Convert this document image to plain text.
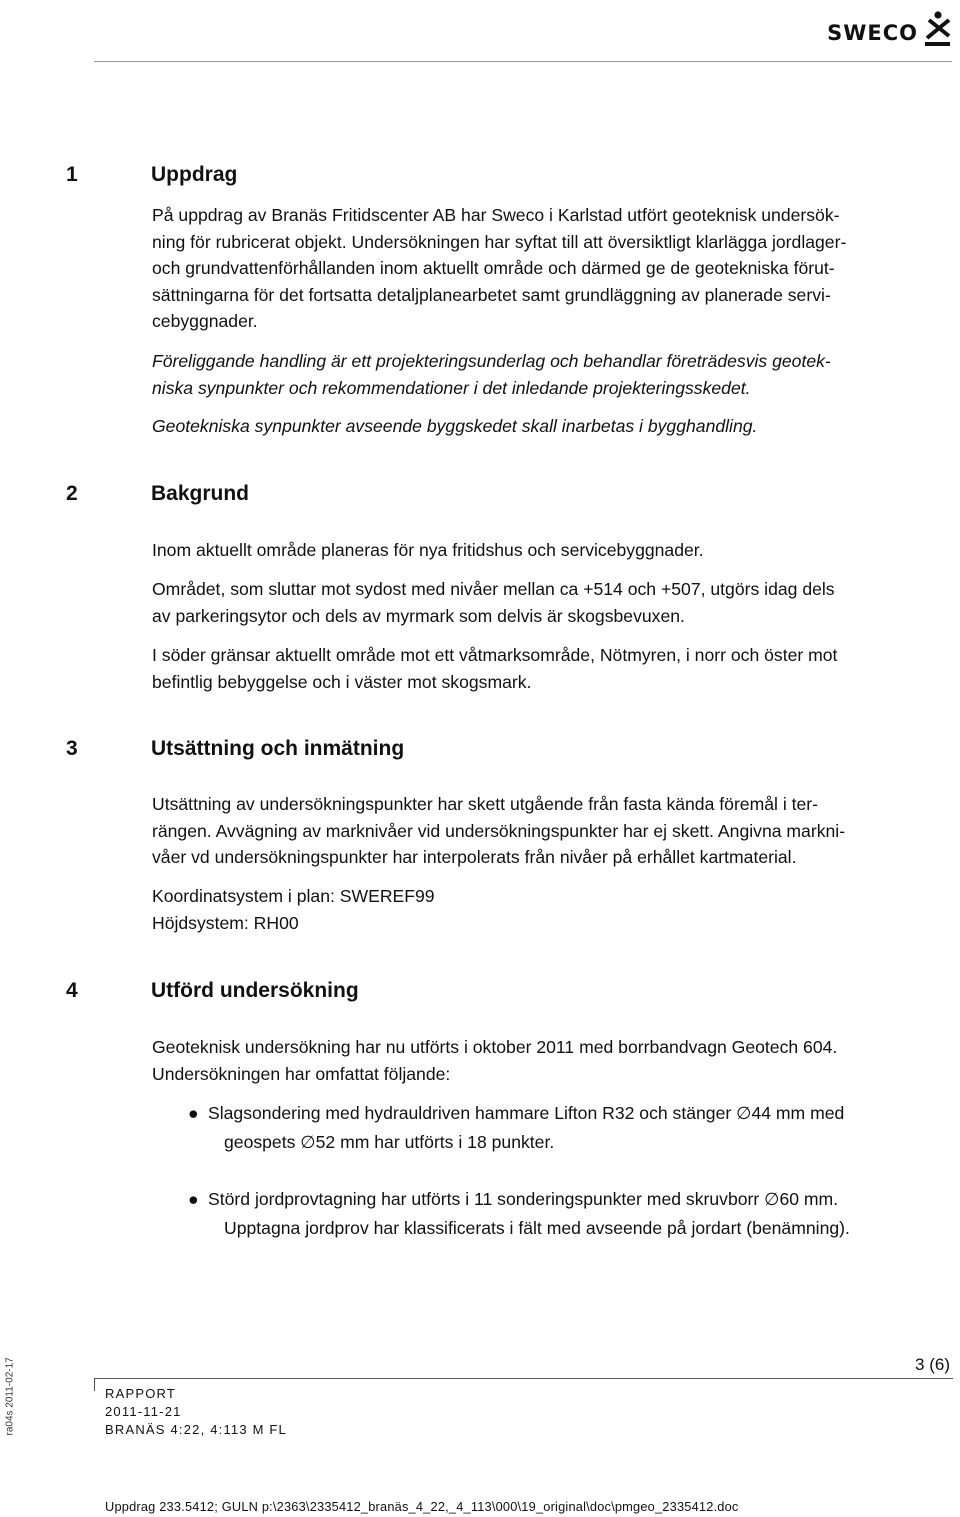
SWECO
1	Uppdrag
På uppdrag av Branäs Fritidscenter AB har Sweco i Karlstad utfört geoteknisk undersök-
ning för rubricerat objekt. Undersökningen har syftat till att översiktligt klarlägga jordlager-
och grundvattenförhållanden inom aktuellt område och därmed ge de geotekniska förut-
sättningarna för det fortsatta detaljplanearbetet samt grundläggning av planerade servi-
cebyggnader.
Föreliggande handling är ett projekteringsunderlag och behandlar företrädesvis geotek-
niska synpunkter och rekommendationer i det inledande projekteringsskedet.
Geotekniska synpunkter avseende byggskedet skall inarbetas i bygghandling.
2	Bakgrund
Inom aktuellt område planeras för nya fritidshus och servicebyggnader.
Området, som sluttar mot sydost med nivåer mellan ca +514 och +507, utgörs idag dels
av parkeringsytor och dels av myrmark som delvis är skogsbevuxen.
I söder gränsar aktuellt område mot ett våtmarksområde, Nötmyren, i norr och öster mot
befintlig bebyggelse och i väster mot skogsmark.
3	Utsättning och inmätning
Utsättning av undersökningspunkter har skett utgående från fasta kända föremål i ter-
rängen. Avvägning av marknivåer vid undersökningspunkter har ej skett. Angivna markni-
våer vd undersökningspunkter har interpolerats från nivåer på erhållet kartmaterial.
Koordinatsystem i plan: SWEREF99
Höjdsystem: RH00
4	Utförd undersökning
Geoteknisk undersökning har nu utförts i oktober 2011 med borrbandvagn Geotech 604.
Undersökningen har omfattat följande:
● Slagsondering med hydrauldriven hammare Lifton R32 och stänger ∅44 mm med
geospets ∅52 mm har utförts i 18 punkter.
● Störd jordprovtagning har utförts i 11 sonderingspunkter med skruvborr ∅60 mm.
Upptagna jordprov har klassificerats i fält med avseende på jordart (benämning).
ra04s 2011-02-17	3 (6)
RAPPORT
2011-11-21
BRANÄS 4:22, 4:113 M FL
Uppdrag 233.5412; GULN p:\2363\2335412_branäs_4_22,_4_113\000\19_original\doc\pmgeo_2335412.doc
